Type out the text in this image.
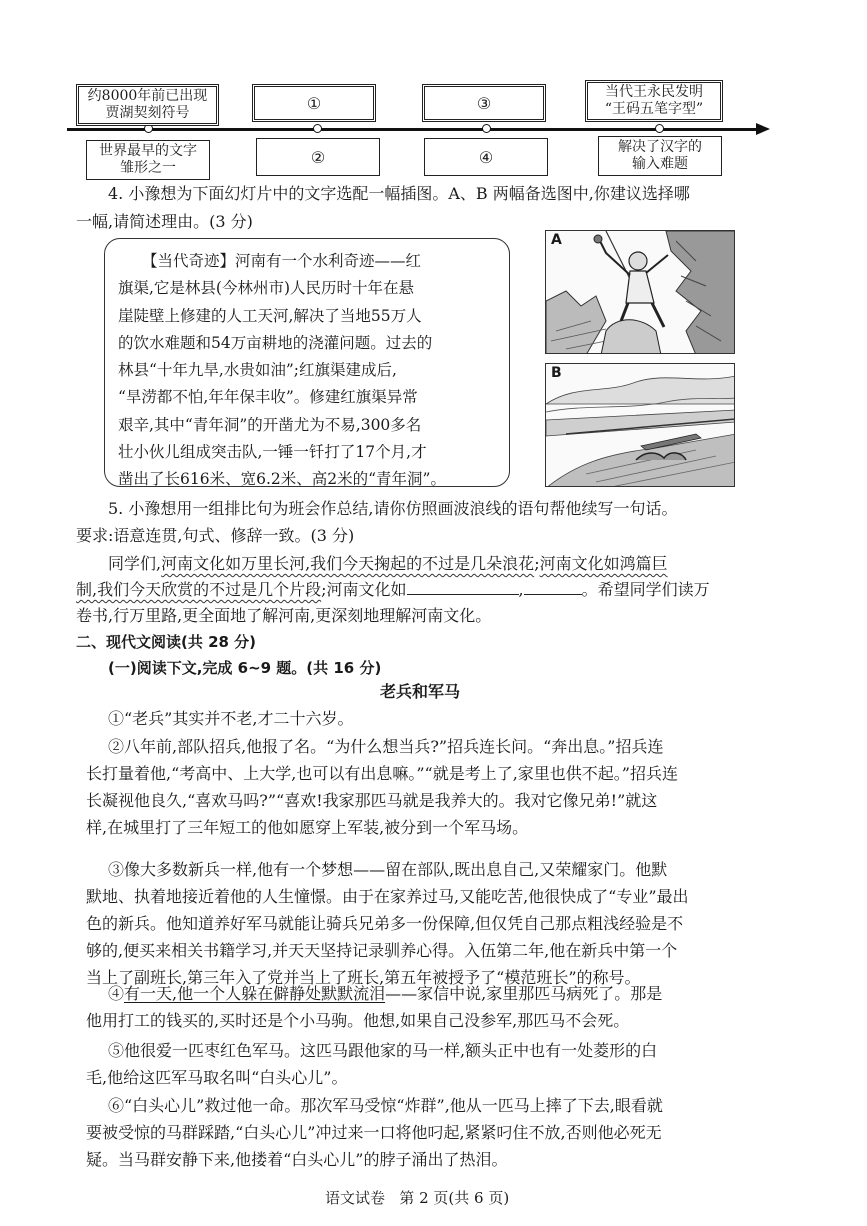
约8000年前已出现
贾湖契刻符号
①	③
当代王永民发明
“王码五笔字型”
世界最早的文字
雏形之一
②	④
解决了汉字的
输入难题
4. 小豫想为下面幻灯片中的文字选配一幅插图。A、B 两幅备选图中,你建议选择哪
一幅,请简述理由。(3 分)
【当代奇迹】河南有一个水利奇迹——红
旗渠,它是林县(今林州市)人民历时十年在悬
崖陡壁上修建的人工天河,解决了当地55万人
的饮水难题和54万亩耕地的浇灌问题。过去的
林县“十年九旱,水贵如油”;红旗渠建成后,
“旱涝都不怕,年年保丰收”。修建红旗渠异常
艰辛,其中“青年洞”的开凿尤为不易,300多名
壮小伙儿组成突击队,一锤一钎打了17个月,才
凿出了长616米、宽6.2米、高2米的“青年洞”。
A
B
5. 小豫想用一组排比句为班会作总结,请你仿照画波浪线的语句帮他续写一句话。
要求:语意连贯,句式、修辞一致。(3 分)
同学们,河南文化如万里长河,我们今天掬起的不过是几朵浪花;河南文化如鸿篇巨
制,我们今天欣赏的不过是几个片段;河南文化如	,	。希望同学们读万
卷书,行万里路,更全面地了解河南,更深刻地理解河南文化。
二、现代文阅读(共 28 分)
(一)阅读下文,完成 6~9 题。(共 16 分)
老兵和军马
①“老兵”其实并不老,才二十六岁。
②八年前,部队招兵,他报了名。“为什么想当兵?”招兵连长问。“奔出息。”招兵连
长打量着他,“考高中、上大学,也可以有出息嘛。”“就是考上了,家里也供不起。”招兵连
长凝视他良久,“喜欢马吗?”“喜欢!我家那匹马就是我养大的。我对它像兄弟!”就这
样,在城里打了三年短工的他如愿穿上军装,被分到一个军马场。
③像大多数新兵一样,他有一个梦想——留在部队,既出息自己,又荣耀家门。他默
默地、执着地接近着他的人生憧憬。由于在家养过马,又能吃苦,他很快成了“专业”最出
色的新兵。他知道养好军马就能让骑兵兄弟多一份保障,但仅凭自己那点粗浅经验是不
够的,便买来相关书籍学习,并天天坚持记录驯养心得。入伍第二年,他在新兵中第一个
当上了副班长,第三年入了党并当上了班长,第五年被授予了“模范班长”的称号。
④有一天,他一个人躲在僻静处默默流泪——家信中说,家里那匹马病死了。那是
他用打工的钱买的,买时还是个小马驹。他想,如果自己没参军,那匹马不会死。
⑤他很爱一匹枣红色军马。这匹马跟他家的马一样,额头正中也有一处菱形的白
毛,他给这匹军马取名叫“白头心儿”。
⑥“白头心儿”救过他一命。那次军马受惊“炸群”,他从一匹马上摔了下去,眼看就
要被受惊的马群踩踏,“白头心儿”冲过来一口将他叼起,紧紧叼住不放,否则他必死无
疑。当马群安静下来,他搂着“白头心儿”的脖子涌出了热泪。
语文试卷   第 2 页(共 6 页)
